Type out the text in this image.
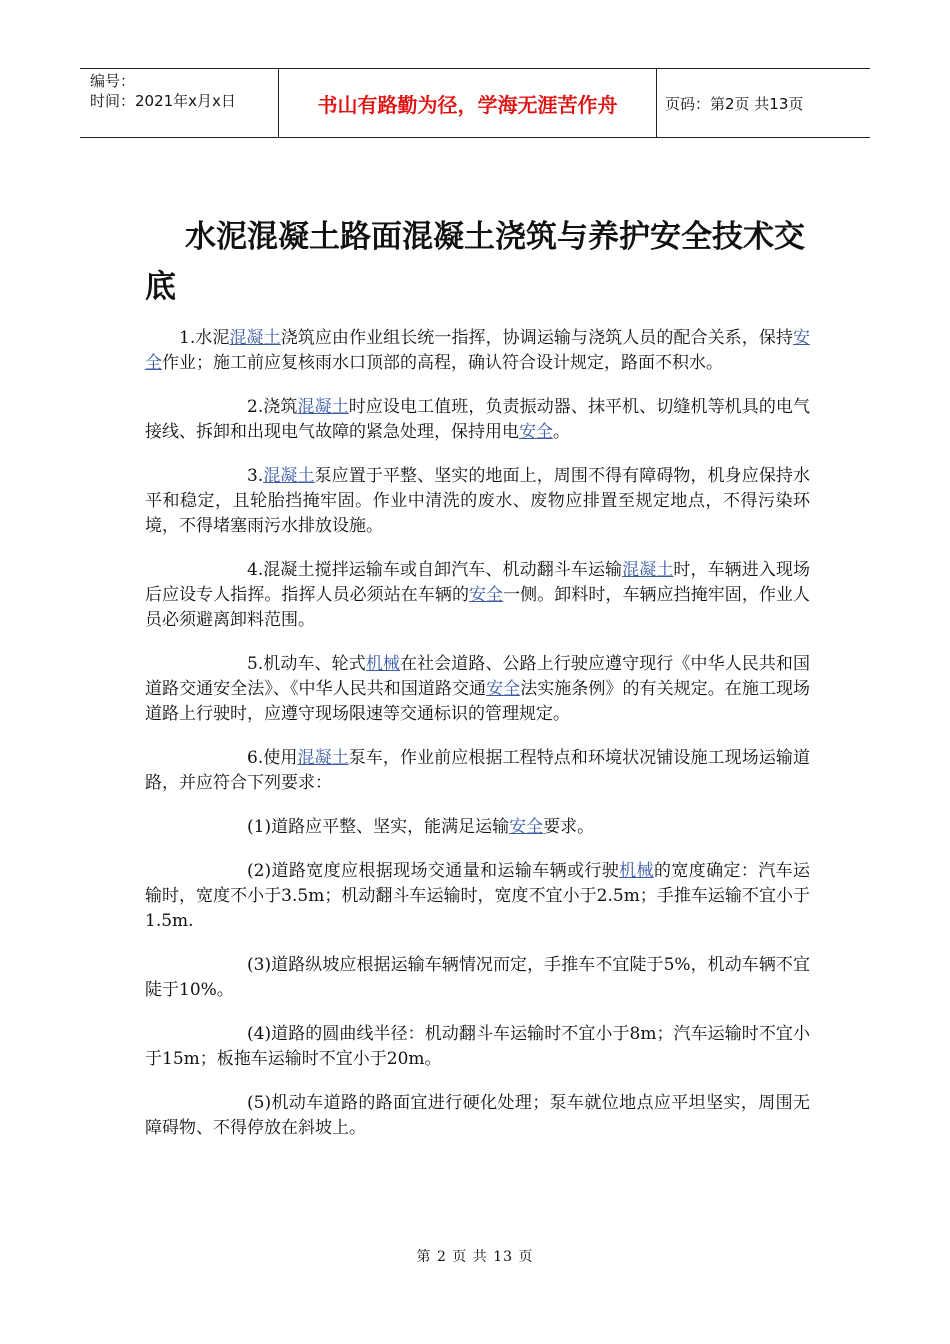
编号：
时间：2021年x月x日	书山有路勤为径，学海无涯苦作舟	页码：第2页 共13页
水泥混凝土路面混凝土浇筑与养护安全技术交底

1.水泥混凝土浇筑应由作业组长统一指挥，协调运输与浇筑人员的配合关系，保持安全作业；施工前应复核雨水口顶部的高程，确认符合设计规定，路面不积水。

2.浇筑混凝土时应设电工值班，负责振动器、抹平机、切缝机等机具的电气接线、拆卸和出现电气故障的紧急处理，保持用电安全。

3.混凝土泵应置于平整、坚实的地面上，周围不得有障碍物，机身应保持水平和稳定，且轮胎挡掩牢固。作业中清洗的废水、废物应排置至规定地点，不得污染环境，不得堵塞雨污水排放设施。

4.混凝土搅拌运输车或自卸汽车、机动翻斗车运输混凝土时，车辆进入现场后应设专人指挥。指挥人员必须站在车辆的安全一侧。卸料时，车辆应挡掩牢固，作业人员必须避离卸料范围。

5.机动车、轮式机械在社会道路、公路上行驶应遵守现行《中华人民共和国道路交通安全法》、《中华人民共和国道路交通安全法实施条例》的有关规定。在施工现场道路上行驶时，应遵守现场限速等交通标识的管理规定。

6.使用混凝土泵车，作业前应根据工程特点和环境状况铺设施工现场运输道路，并应符合下列要求：

(1)道路应平整、坚实，能满足运输安全要求。

(2)道路宽度应根据现场交通量和运输车辆或行驶机械的宽度确定：汽车运输时，宽度不小于3.5m；机动翻斗车运输时，宽度不宜小于2.5m；手推车运输不宜小于1.5m.

(3)道路纵坡应根据运输车辆情况而定，手推车不宜陡于5%，机动车辆不宜陡于10%。

(4)道路的圆曲线半径：机动翻斗车运输时不宜小于8m；汽车运输时不宜小于15m；板拖车运输时不宜小于20m。

(5)机动车道路的路面宜进行硬化处理；泵车就位地点应平坦坚实，周围无障碍物、不得停放在斜坡上。

第 2 页 共 13 页
